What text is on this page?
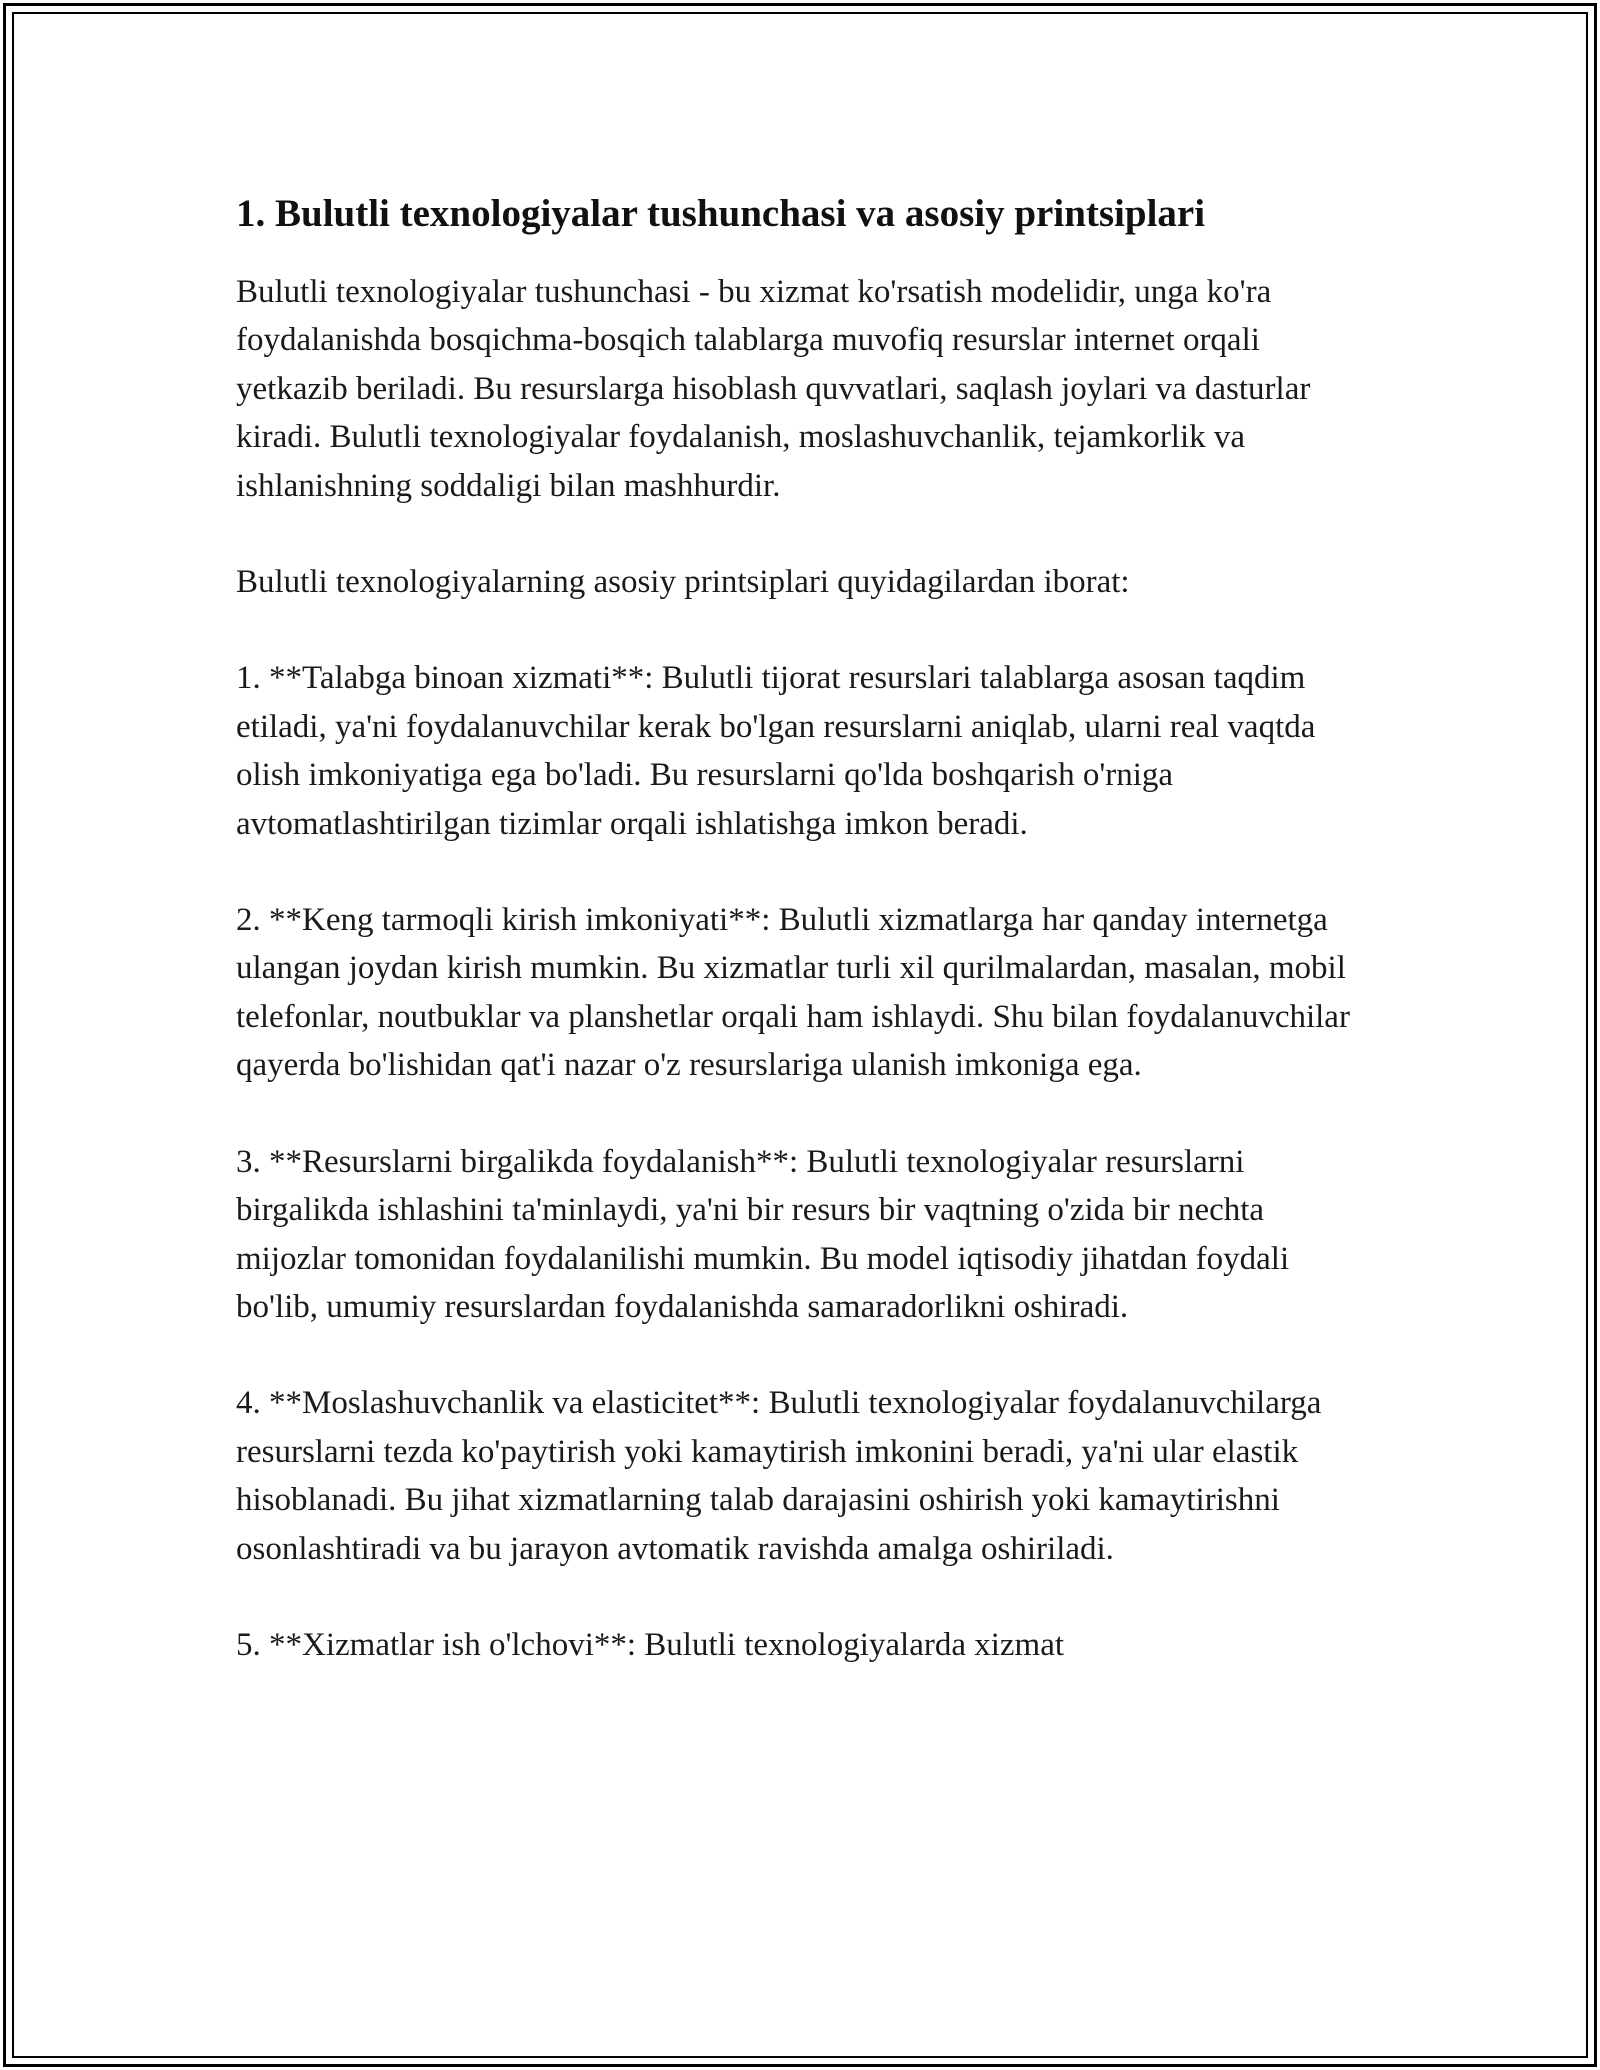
1. Bulutli texnologiyalar tushunchasi va asosiy printsiplari

Bulutli texnologiyalar tushunchasi - bu xizmat ko'rsatish modelidir, unga ko'ra foydalanishda bosqichma-bosqich talablarga muvofiq resurslar internet orqali yetkazib beriladi. Bu resurslarga hisoblash quvvatlari, saqlash joylari va dasturlar kiradi. Bulutli texnologiyalar foydalanish, moslashuvchanlik, tejamkorlik va ishlanishning soddaligi bilan mashhurdir.

Bulutli texnologiyalarning asosiy printsiplari quyidagilardan iborat:

1. **Talabga binoan xizmati**: Bulutli tijorat resurslari talablarga asosan taqdim etiladi, ya'ni foydalanuvchilar kerak bo'lgan resurslarni aniqlab, ularni real vaqtda olish imkoniyatiga ega bo'ladi. Bu resurslarni qo'lda boshqarish o'rniga avtomatlashtirilgan tizimlar orqali ishlatishga imkon beradi.

2. **Keng tarmoqli kirish imkoniyati**: Bulutli xizmatlarga har qanday internetga ulangan joydan kirish mumkin. Bu xizmatlar turli xil qurilmalardan, masalan, mobil telefonlar, noutbuklar va planshetlar orqali ham ishlaydi. Shu bilan foydalanuvchilar qayerda bo'lishidan qat'i nazar o'z resurslariga ulanish imkoniga ega.

3. **Resurslarni birgalikda foydalanish**: Bulutli texnologiyalar resurslarni birgalikda ishlashini ta'minlaydi, ya'ni bir resurs bir vaqtning o'zida bir nechta mijozlar tomonidan foydalanilishi mumkin. Bu model iqtisodiy jihatdan foydali bo'lib, umumiy resurslardan foydalanishda samaradorlikni oshiradi.

4. **Moslashuvchanlik va elasticitet**: Bulutli texnologiyalar foydalanuvchilarga resurslarni tezda ko'paytirish yoki kamaytirish imkonini beradi, ya'ni ular elastik hisoblanadi. Bu jihat xizmatlarning talab darajasini oshirish yoki kamaytirishni osonlashtiradi va bu jarayon avtomatik ravishda amalga oshiriladi.

5. **Xizmatlar ish o'lchovi**: Bulutli texnologiyalarda xizmat
